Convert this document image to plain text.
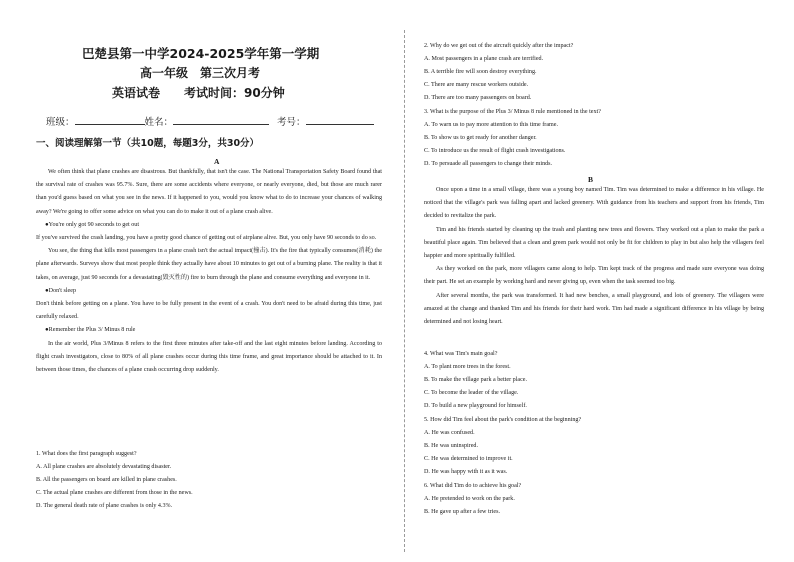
巴楚县第一中学2024-2025学年第一学期
高一年级　第三次月考
英语试卷 考试时间：90分钟
班级：	姓名：	考号：
一、阅读理解第一节（共10题，每题3分，共30分）
A

We often think that plane crashes are disastrous. But thankfully, that isn't the case. The National Transportation Safety Board found that the survival rate of crashes was 95.7%. Sure, there are some accidents where everyone, or nearly everyone, died, but those are much rarer than you'd guess based on what you see in the news. If it happened to you, would you know what to do to increase your chances of walking away? We're going to offer some advice on what you can do to make it out of a plane crash alive.

●You're only got 90 seconds to get out

If you've survived the crash landing, you have a pretty good chance of getting out of airplane alive. But, you only have 90 seconds to do so.

You see, the thing that kills most passengers in a plane crash isn't the actual impact(撞击). It's the fire that typically consumes(消耗) the plane afterwards. Surveys show that most people think they actually have about 10 minutes to get out of a burning plane. The reality is that it takes, on average, just 90 seconds for a devastating(毁灭性的) fire to burn through the plane and consume everything and everyone in it.

●Don't sleep

Don't think before getting on a plane. You have to be fully present in the event of a crash. You don't need to be afraid during this time, just carefully relaxed.

●Remember the Plus 3/ Minus 8 rule

In the air world, Plus 3/Minus 8 refers to the first three minutes after take-off and the last eight minutes before landing. According to flight crash investigators, close to 80% of all plane crashes occur during this time frame, and great importance should be attached to it. In between those times, the chances of a plane crash occurring drop suddenly.

1. What does the first paragraph suggest?
A. All plane crashes are absolutely devastating disaster.
B. All the passengers on board are killed in plane crashes.
C. The actual plane crashes are different from those in the news.
D. The general death rate of plane crashes is only 4.3%.
2. Why do we get out of the aircraft quickly after the impact?
A. Most passengers in a plane crash are terrified.
B. A terrible fire will soon destroy everything.
C. There are many rescue workers outside.
D. There are too many passengers on board.
3. What is the purpose of the Plus 3/ Minus 8 rule mentioned in the text?
A. To warn us to pay more attention to this time frame.
B. To show us to get ready for another danger.
C. To introduce us the result of flight crash investigations.
D. To persuade all passengers to change their minds.
B

Once upon a time in a small village, there was a young boy named Tim. Tim was determined to make a difference in his village. He noticed that the village's park was falling apart and lacked greenery. With guidance from his teachers and support from his friends, Tim decided to revitalize the park.

Tim and his friends started by cleaning up the trash and planting new trees and flowers. They worked out a plan to make the park a beautiful place again. Tim believed that a clean and green park would not only be fit for children to play in but also help the villagers feel happier and more spiritually fulfilled.

As they worked on the park, more villagers came along to help. Tim kept track of the progress and made sure everyone was doing their part. He set an example by working hard and never giving up, even when the task seemed too big.

After several months, the park was transformed. It had new benches, a small playground, and lots of greenery. The villagers were amazed at the change and thanked Tim and his friends for their hard work. Tim had made a significant difference in his village by being determined and not losing heart.

4. What was Tim's main goal?
A. To plant more trees in the forest.
B. To make the village park a better place.
C. To become the leader of the village.
D. To build a new playground for himself.
5. How did Tim feel about the park's condition at the beginning?
A. He was confused.
B. He was uninspired.
C. He was determined to improve it.
D. He was happy with it as it was.
6. What did Tim do to achieve his goal?
A. He pretended to work on the park.
B. He gave up after a few tries.
